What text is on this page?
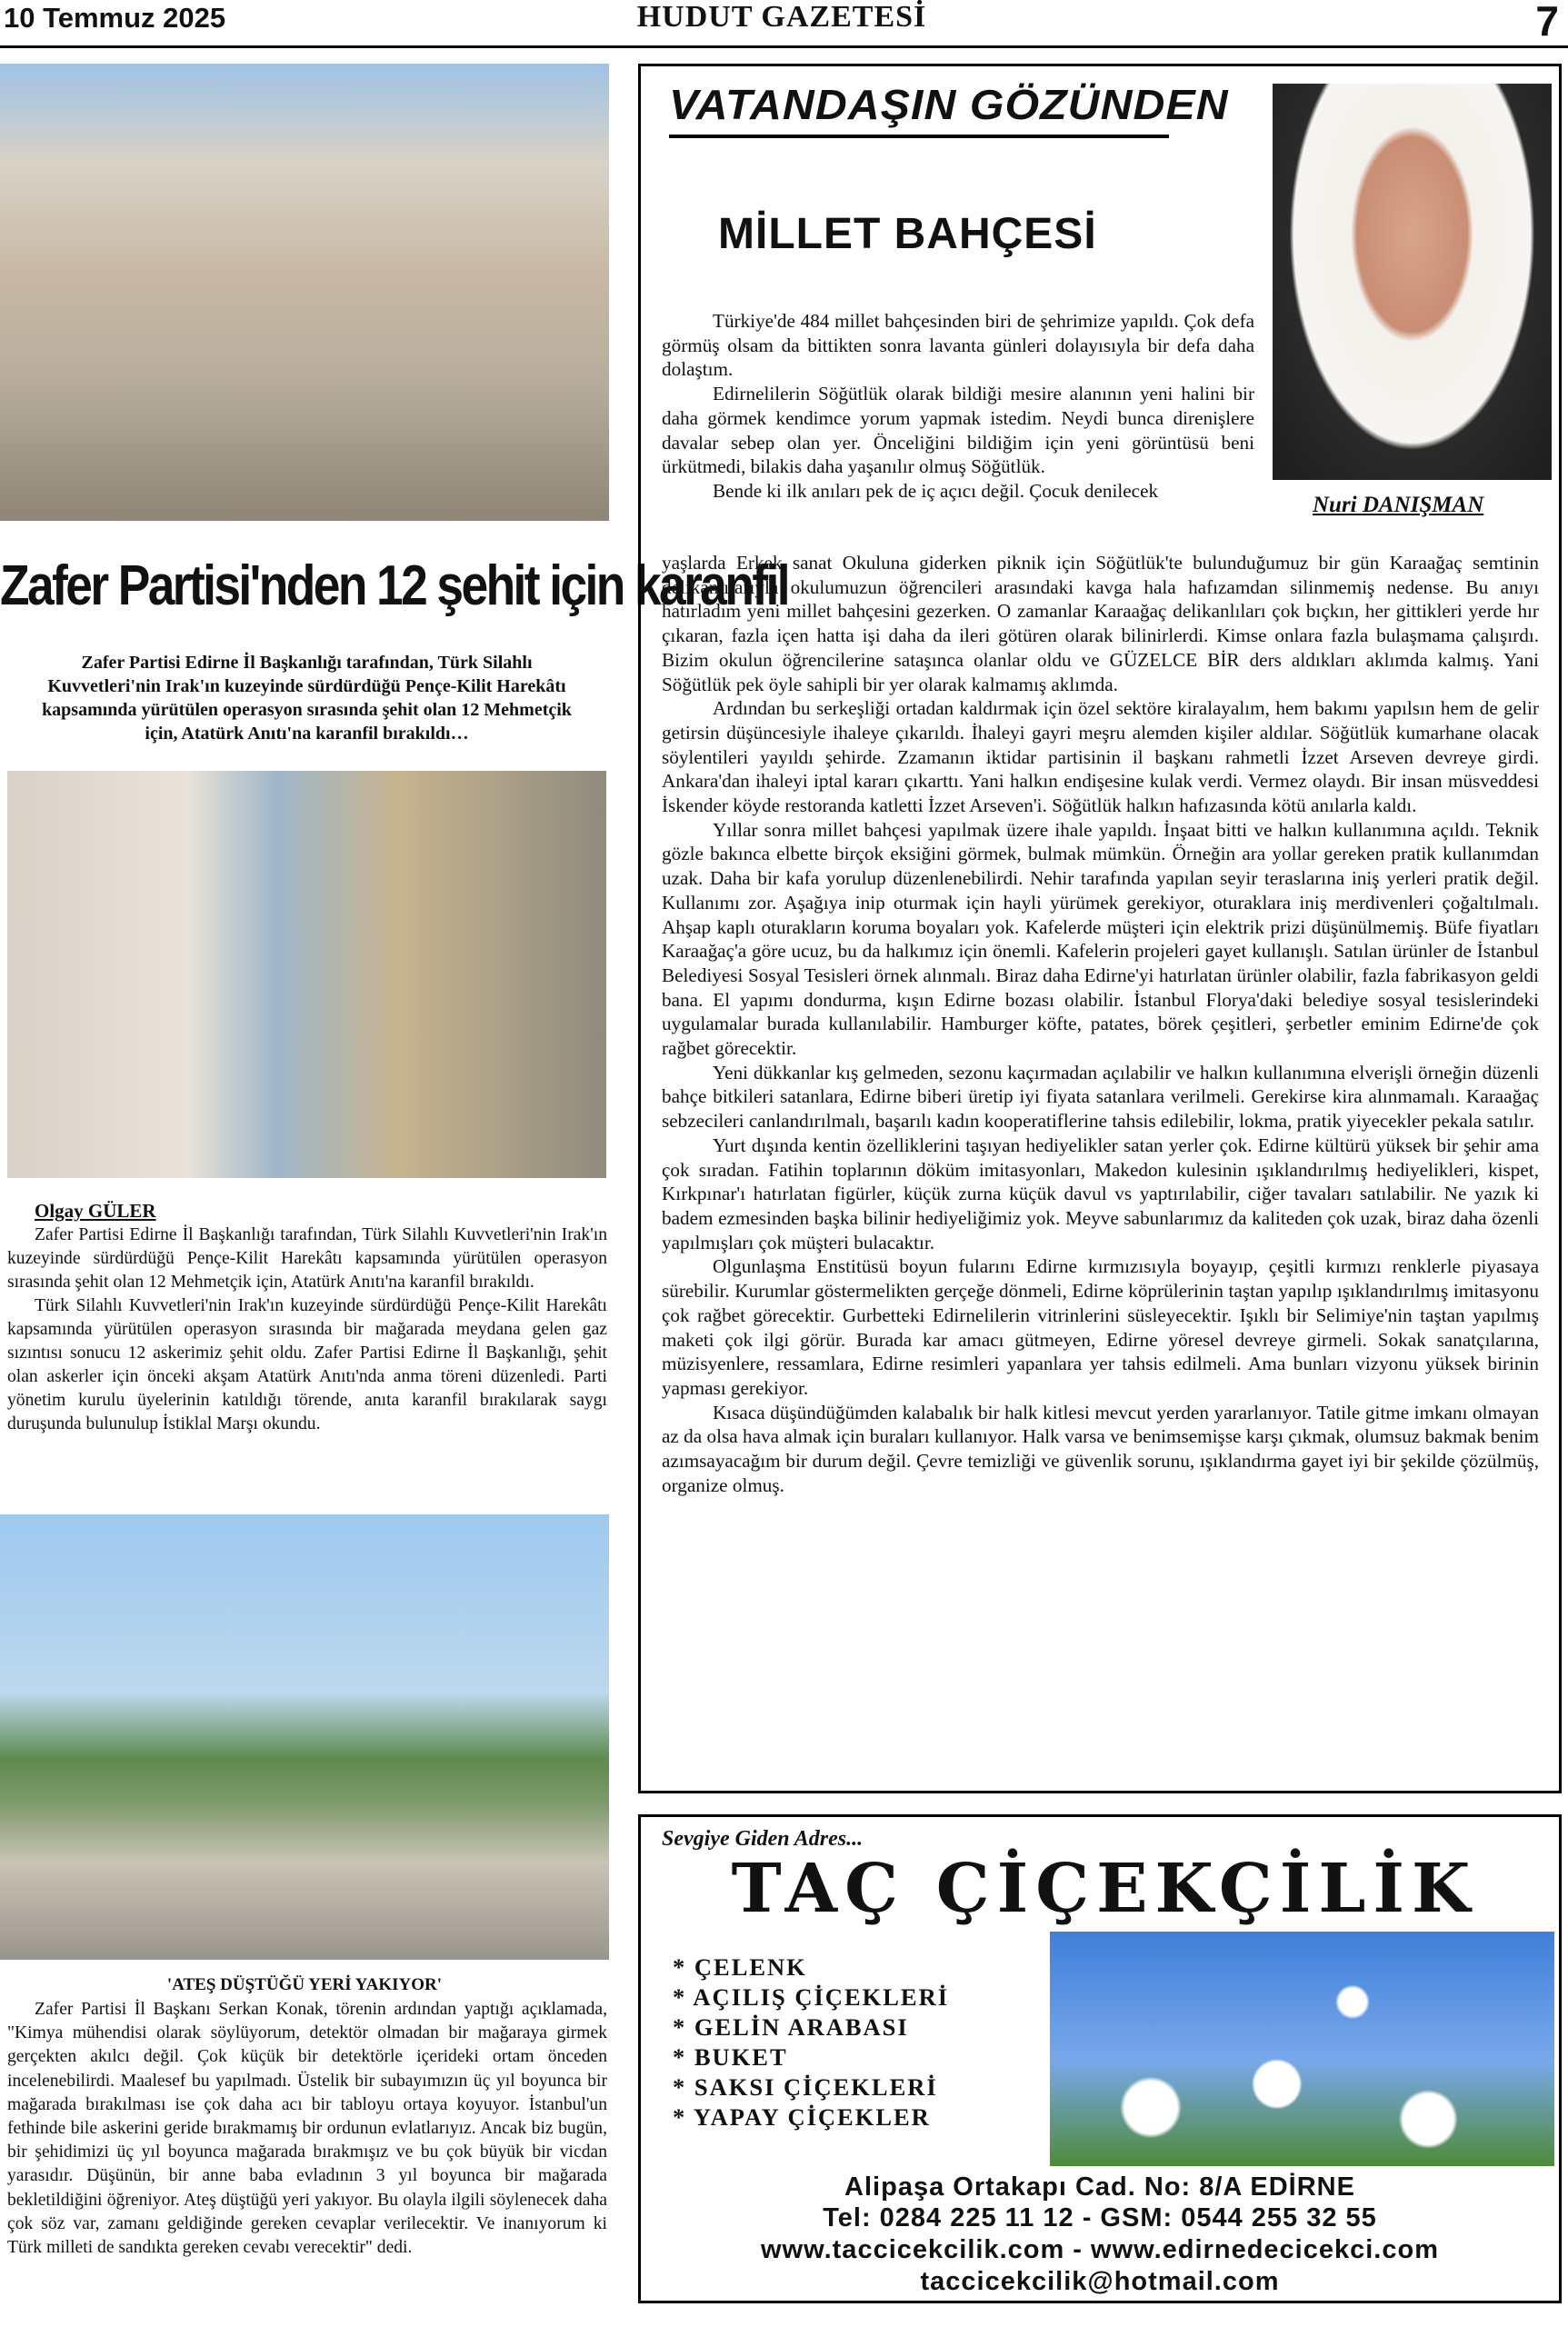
10 Temmuz 2025	HUDUT GAZETESİ	7
Zafer Partisi'nden 12 şehit için karanfil
Zafer Partisi Edirne İl Başkanlığı tarafından, Türk Silahlı Kuvvetleri'nin Irak'ın kuzeyinde sürdürdüğü Pençe-Kilit Harekâtı kapsamında yürütülen operasyon sırasında şehit olan 12 Mehmetçik için, Atatürk Anıtı'na karanfil bırakıldı…
Olgay GÜLER

Zafer Partisi Edirne İl Başkanlığı tarafından, Türk Silahlı Kuvvetleri'nin Irak'ın kuzeyinde sürdürdüğü Pençe-Kilit Harekâtı kapsamında yürütülen operasyon sırasında şehit olan 12 Mehmetçik için, Atatürk Anıtı'na karanfil bırakıldı.

Türk Silahlı Kuvvetleri'nin Irak'ın kuzeyinde sürdürdüğü Pençe-Kilit Harekâtı kapsamında yürütülen operasyon sırasında bir mağarada meydana gelen gaz sızıntısı sonucu 12 askerimiz şehit oldu. Zafer Partisi Edirne İl Başkanlığı, şehit olan askerler için önceki akşam Atatürk Anıtı'nda anma töreni düzenledi. Parti yönetim kurulu üyelerinin katıldığı törende, anıta karanfil bırakılarak saygı duruşunda bulunulup İstiklal Marşı okundu.

'ATEŞ DÜŞTÜĞÜ YERİ YAKIYOR'

Zafer Partisi İl Başkanı Serkan Konak, törenin ardından yaptığı açıklamada, "Kimya mühendisi olarak söylüyorum, detektör olmadan bir mağaraya girmek gerçekten akılcı değil. Çok küçük bir detektörle içerideki ortam önceden incelenebilirdi. Maalesef bu yapılmadı. Üstelik bir subayımızın üç yıl boyunca bir mağarada bırakılması ise çok daha acı bir tabloyu ortaya koyuyor. İstanbul'un fethinde bile askerini geride bırakmamış bir ordunun evlatlarıyız. Ancak biz bugün, bir şehidimizi üç yıl boyunca mağarada bırakmışız ve bu çok büyük bir vicdan yarasıdır. Düşünün, bir anne baba evladının 3 yıl boyunca bir mağarada bekletildiğini öğreniyor. Ateş düştüğü yeri yakıyor. Bu olayla ilgili söylenecek daha çok söz var, zamanı geldiğinde gereken cevaplar verilecektir. Ve inanıyorum ki Türk milleti de sandıkta gereken cevabı verecektir" dedi.

VATANDAŞIN GÖZÜNDEN
MİLLET BAHÇESİ
Nuri DANIŞMAN

Türkiye'de 484 millet bahçesinden biri de şehrimize yapıldı. Çok defa görmüş olsam da bittikten sonra lavanta günleri dolayısıyla bir defa daha dolaştım.

Edirnelilerin Söğütlük olarak bildiği mesire alanının yeni halini bir daha görmek kendimce yorum yapmak istedim. Neydi bunca direnişlere davalar sebep olan yer. Önceliğini bildiğim için yeni görüntüsü beni ürkütmedi, bilakis daha yaşanılır olmuş Söğütlük.

Bende ki ilk anıları pek de iç açıcı değil. Çocuk denilecek

yaşlarda Erkek sanat Okuluna giderken piknik için Söğütlük'te bulunduğumuz bir gün Karaağaç semtinin delikanlılarıyla okulumuzun öğrencileri arasındaki kavga hala hafızamdan silinmemiş nedense. Bu anıyı hatırladım yeni millet bahçesini gezerken. O zamanlar Karaağaç delikanlıları çok bıçkın, her gittikleri yerde hır çıkaran, fazla içen hatta işi daha da ileri götüren olarak bilinirlerdi. Kimse onlara fazla bulaşmama çalışırdı. Bizim okulun öğrencilerine sataşınca olanlar oldu ve GÜZELCE BİR ders aldıkları aklımda kalmış. Yani Söğütlük pek öyle sahipli bir yer olarak kalmamış aklımda.

Ardından bu serkeşliği ortadan kaldırmak için özel sektöre kiralayalım, hem bakımı yapılsın hem de gelir getirsin düşüncesiyle ihaleye çıkarıldı. İhaleyi gayri meşru alemden kişiler aldılar. Söğütlük kumarhane olacak söylentileri yayıldı şehirde. Zzamanın iktidar partisinin il başkanı rahmetli İzzet Arseven devreye girdi. Ankara'dan ihaleyi iptal kararı çıkarttı. Yani halkın endişesine kulak verdi. Vermez olaydı. Bir insan müsveddesi İskender köyde restoranda katletti İzzet Arseven'i. Söğütlük halkın hafızasında kötü anılarla kaldı.

Yıllar sonra millet bahçesi yapılmak üzere ihale yapıldı. İnşaat bitti ve halkın kullanımına açıldı. Teknik gözle bakınca elbette birçok eksiğini görmek, bulmak mümkün. Örneğin ara yollar gereken pratik kullanımdan uzak. Daha bir kafa yorulup düzenlenebilirdi. Nehir tarafında yapılan seyir teraslarına iniş yerleri pratik değil. Kullanımı zor. Aşağıya inip oturmak için hayli yürümek gerekiyor, oturaklara iniş merdivenleri çoğaltılmalı. Ahşap kaplı oturakların koruma boyaları yok. Kafelerde müşteri için elektrik prizi düşünülmemiş. Büfe fiyatları Karaağaç'a göre ucuz, bu da halkımız için önemli. Kafelerin projeleri gayet kullanışlı. Satılan ürünler de İstanbul Belediyesi Sosyal Tesisleri örnek alınmalı. Biraz daha Edirne'yi hatırlatan ürünler olabilir, fazla fabrikasyon geldi bana. El yapımı dondurma, kışın Edirne bozası olabilir. İstanbul Florya'daki belediye sosyal tesislerindeki uygulamalar burada kullanılabilir. Hamburger köfte, patates, börek çeşitleri, şerbetler eminim Edirne'de çok rağbet görecektir.

Yeni dükkanlar kış gelmeden, sezonu kaçırmadan açılabilir ve halkın kullanımına elverişli örneğin düzenli bahçe bitkileri satanlara, Edirne biberi üretip iyi fiyata satanlara verilmeli. Gerekirse kira alınmamalı. Karaağaç sebzecileri canlandırılmalı, başarılı kadın kooperatiflerine tahsis edilebilir, lokma, pratik yiyecekler pekala satılır.

Yurt dışında kentin özelliklerini taşıyan hediyelikler satan yerler çok. Edirne kültürü yüksek bir şehir ama çok sıradan. Fatihin toplarının döküm imitasyonları, Makedon kulesinin ışıklandırılmış hediyelikleri, kispet, Kırkpınar'ı hatırlatan figürler, küçük zurna küçük davul vs yaptırılabilir, ciğer tavaları satılabilir. Ne yazık ki badem ezmesinden başka bilinir hediyeliğimiz yok. Meyve sabunlarımız da kaliteden çok uzak, biraz daha özenli yapılmışları çok müşteri bulacaktır.

Olgunlaşma Enstitüsü boyun fularını Edirne kırmızısıyla boyayıp, çeşitli kırmızı renklerle piyasaya sürebilir. Kurumlar göstermelikten gerçeğe dönmeli, Edirne köprülerinin taştan yapılıp ışıklandırılmış imitasyonu çok rağbet görecektir. Gurbetteki Edirnelilerin vitrinlerini süsleyecektir. Işıklı bir Selimiye'nin taştan yapılmış maketi çok ilgi görür. Burada kar amacı gütmeyen, Edirne yöresel devreye girmeli. Sokak sanatçılarına, müzisyenlere, ressamlara, Edirne resimleri yapanlara yer tahsis edilmeli. Ama bunları vizyonu yüksek birinin yapması gerekiyor.

Kısaca düşündüğümden kalabalık bir halk kitlesi mevcut yerden yararlanıyor. Tatile gitme imkanı olmayan az da olsa hava almak için buraları kullanıyor. Halk varsa ve benimsemişse karşı çıkmak, olumsuz bakmak benim azımsayacağım bir durum değil. Çevre temizliği ve güvenlik sorunu, ışıklandırma gayet iyi bir şekilde çözülmüş, organize olmuş.

Sevgiye Giden Adres...
TAÇ ÇİÇEKÇİLİK
* ÇELENK
* AÇILIŞ ÇİÇEKLERİ
* GELİN ARABASI
* BUKET
* SAKSI ÇİÇEKLERİ
* YAPAY ÇİÇEKLER
Alipaşa Ortakapı Cad. No: 8/A EDİRNE
Tel: 0284 225 11 12 - GSM: 0544 255 32 55
www.taccicekcilik.com - www.edirnedecicekci.com
taccicekcilik@hotmail.com
